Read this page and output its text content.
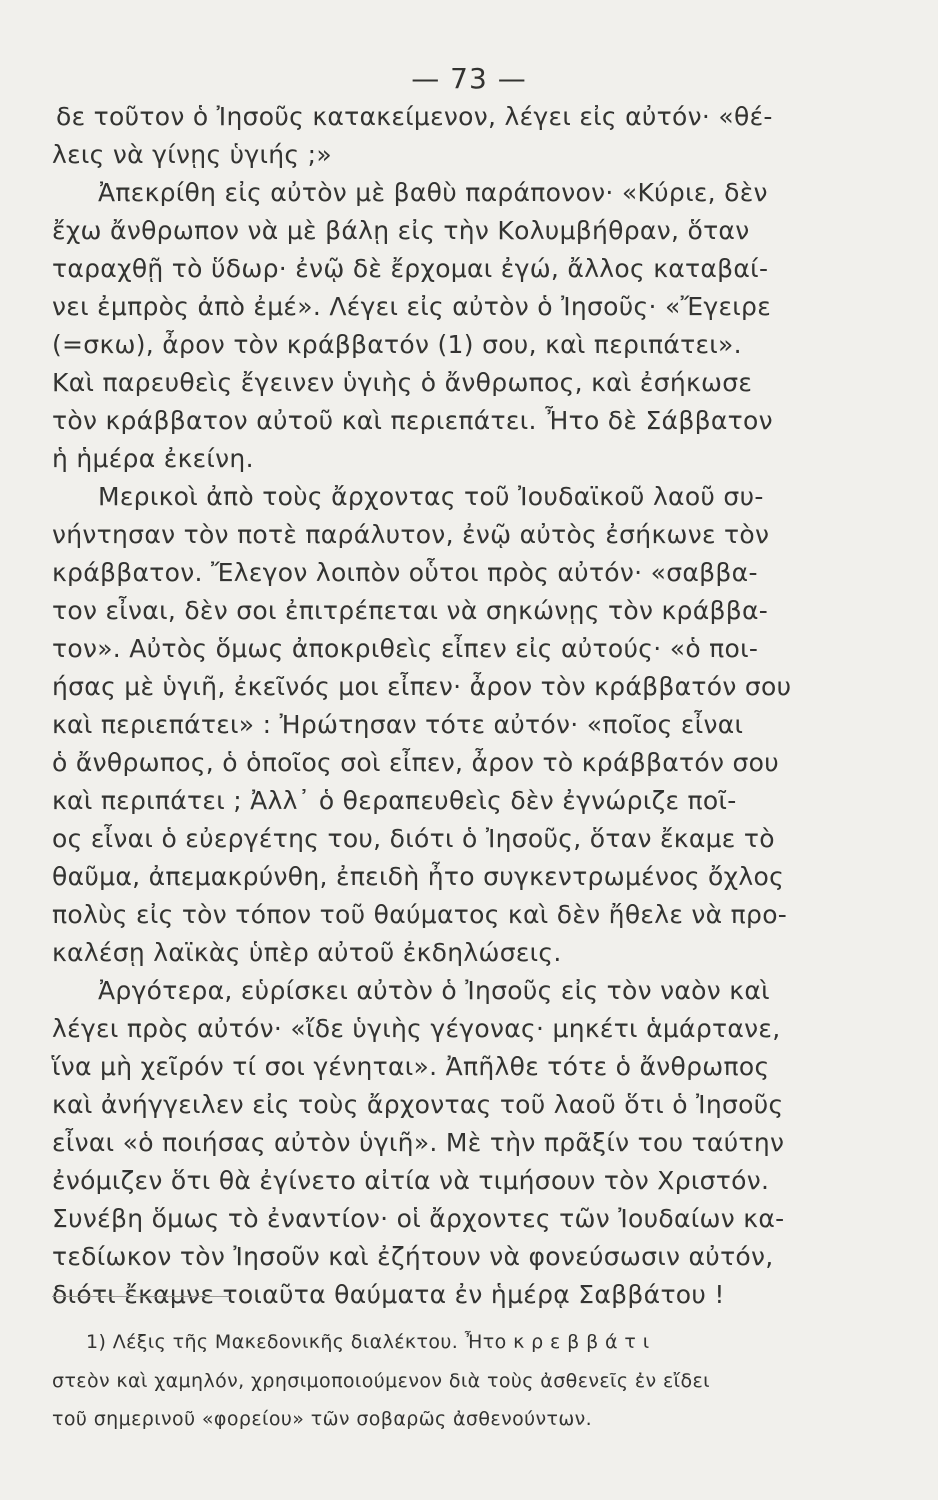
— 73 —
δε τοῦτον ὁ Ἰησοῦς κατακείμενον, λέγει εἰς αὐτόν· «θέ-
λεις νὰ γίνῃς ὑγιής ;»
Ἀπεκρίθη εἰς αὐτὸν μὲ βαθὺ παράπονον· «Κύριε, δὲν
ἔχω ἄνθρωπον νὰ μὲ βάλῃ εἰς τὴν Κολυμβήθραν, ὅταν
ταραχθῇ τὸ ὕδωρ· ἐνῷ δὲ ἔρχομαι ἐγώ, ἄλλος καταβαί-
νει ἐμπρὸς ἀπὸ ἐμέ». Λέγει εἰς αὐτὸν ὁ Ἰησοῦς· «Ἔγειρε
(=σκω), ἆρον τὸν κράββατόν (1) σου, καὶ περιπάτει».
Καὶ παρευθεὶς ἔγεινεν ὑγιὴς ὁ ἄνθρωπος, καὶ ἐσήκωσε
τὸν κράββατον αὐτοῦ καὶ περιεπάτει. Ἦτο δὲ Σάββατον
ἡ ἡμέρα ἐκείνη.
Μερικοὶ ἀπὸ τοὺς ἄρχοντας τοῦ Ἰουδαϊκοῦ λαοῦ συ-
νήντησαν τὸν ποτὲ παράλυτον, ἐνῷ αὐτὸς ἐσήκωνε τὸν
κράββατον. Ἔλεγον λοιπὸν οὗτοι πρὸς αὐτόν· «σαββα-
τον εἶναι, δὲν σοι ἐπιτρέπεται νὰ σηκώνῃς τὸν κράββα-
τον». Αὐτὸς ὅμως ἀποκριθεὶς εἶπεν εἰς αὐτούς· «ὁ ποι-
ήσας μὲ ὑγιῆ, ἐκεῖνός μοι εἶπεν· ἆρον τὸν κράββατόν σου
καὶ περιεπάτει» : Ἠρώτησαν τότε αὐτόν· «ποῖος εἶναι
ὁ ἄνθρωπος, ὁ ὁποῖος σοὶ εἶπεν, ἆρον τὸ κράββατόν σου
καὶ περιπάτει ; Ἀλλ᾽ ὁ θεραπευθεὶς δὲν ἐγνώριζε ποῖ-
ος εἶναι ὁ εὐεργέτης του, διότι ὁ Ἰησοῦς, ὅταν ἔκαμε τὸ
θαῦμα, ἀπεμακρύνθη, ἐπειδὴ ἦτο συγκεντρωμένος ὄχλος
πολὺς εἰς τὸν τόπον τοῦ θαύματος καὶ δὲν ἤθελε νὰ προ-
καλέσῃ λαϊκὰς ὑπὲρ αὐτοῦ ἐκδηλώσεις.
Ἀργότερα, εὑρίσκει αὐτὸν ὁ Ἰησοῦς εἰς τὸν ναὸν καὶ
λέγει πρὸς αὐτόν· «ἴδε ὑγιὴς γέγονας· μηκέτι ἁμάρτανε,
ἵνα μὴ χεῖρόν τί σοι γένηται». Ἀπῆλθε τότε ὁ ἄνθρωπος
καὶ ἀνήγγειλεν εἰς τοὺς ἄρχοντας τοῦ λαοῦ ὅτι ὁ Ἰησοῦς
εἶναι «ὁ ποιήσας αὐτὸν ὑγιῆ». Μὲ τὴν πρᾶξίν του ταύτην
ἐνόμιζεν ὅτι θὰ ἐγίνετο αἰτία νὰ τιμήσουν τὸν Χριστόν.
Συνέβη ὅμως τὸ ἐναντίον· οἱ ἄρχοντες τῶν Ἰουδαίων κα-
τεδίωκον τὸν Ἰησοῦν καὶ ἐζήτουν νὰ φονεύσωσιν αὐτόν,
διότι ἔκαμνε τοιαῦτα θαύματα ἐν ἡμέρᾳ Σαββάτου !
1) Λέξις τῆς Μακεδονικῆς διαλέκτου. Ἦτο κ ρ ε β β ά τ ι
στεὸν καὶ χαμηλόν, χρησιμοποιούμενον διὰ τοὺς ἀσθενεῖς ἐν εἴδει
τοῦ σημερινοῦ «φορείου» τῶν σοβαρῶς ἀσθενούντων.
